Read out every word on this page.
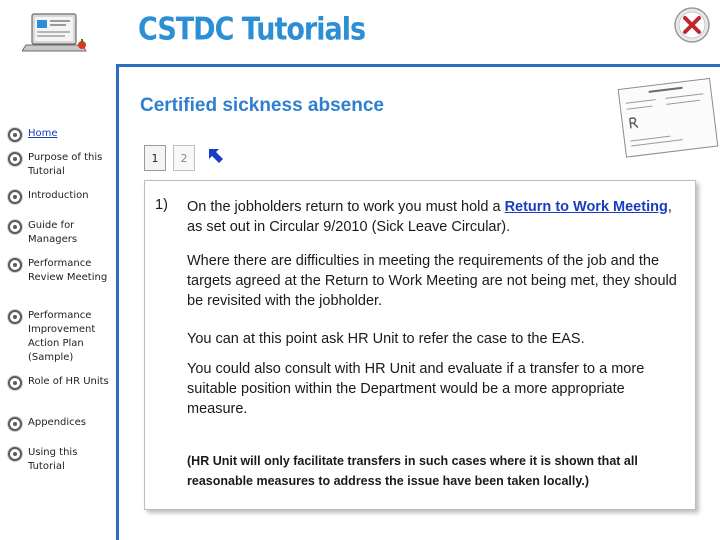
CSTDC Tutorials
Home
Purpose of this Tutorial
Introduction
Guide for Managers
Performance Review Meeting
Performance Improvement Action Plan (Sample)
Role of HR Units
Appendices
Using this Tutorial
Certified sickness absence
1	2
1) On the jobholders return to work you must hold a Return to Work Meeting, as set out in Circular 9/2010 (Sick Leave Circular).

Where there are difficulties in meeting the requirements of the job and the targets agreed at the Return to Work Meeting are not being met, they should be revisited with the jobholder.

You can at this point ask HR Unit to refer the case to the EAS.

You could also consult with HR Unit and evaluate if a transfer to a more suitable position within the Department would be a more appropriate measure.

(HR Unit will only facilitate transfers in such cases where it is shown that all reasonable measures to address the issue have been taken locally.)
